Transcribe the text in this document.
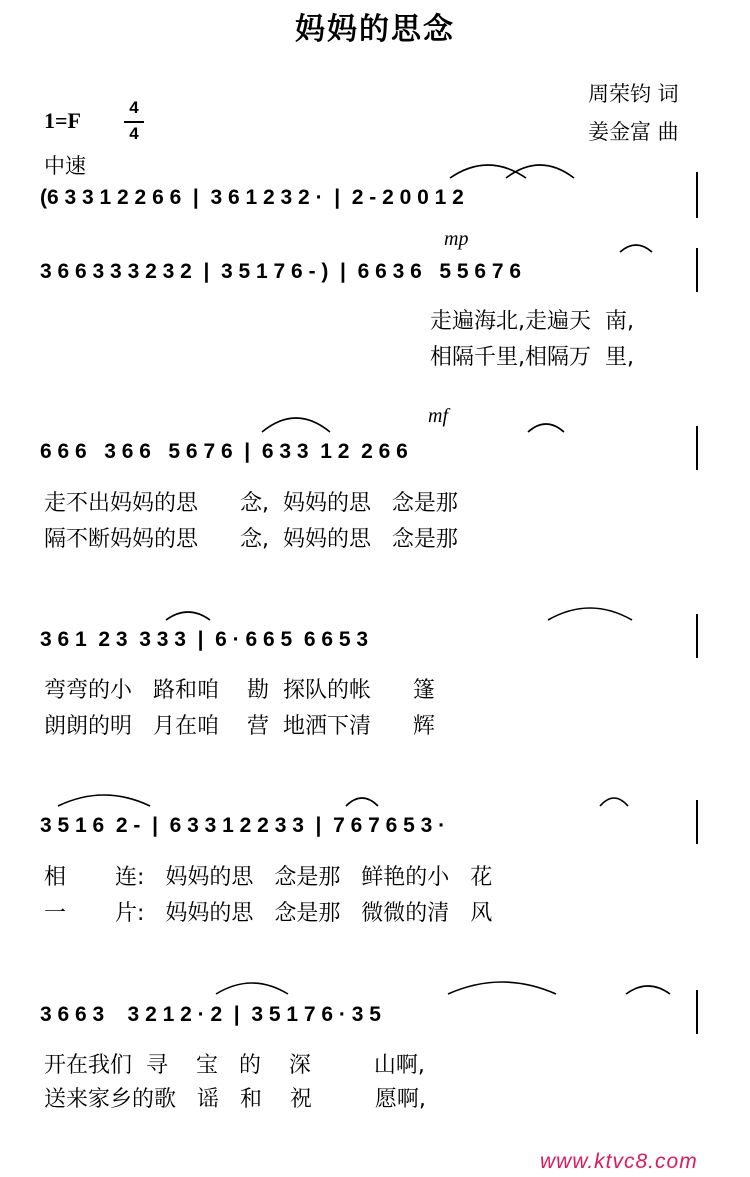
妈妈的思念
周荣钧 词
姜金富 曲
1=F
4
4
中速
mp
mf
(6 3 3 1 2 2 6 6  |  3 6 1 2 3 2 ·  |  2 - 2 0 0 1 2
3 6 6 3 3 3 2 3 2  |  3 5 1 7 6 - )  |  6 6 3 6   5 5 6 7 6
6 6 6   3 6 6   5 6 7 6  |  6 3 3  1 2  2 6 6
3 6 1  2 3  3 3 3  |  6 · 6 6 5  6 6 5 3
3 5 1 6  2 -  |  6 3 3 1 2 2 3 3  |  7 6 7 6 5 3 ·
3 6 6 3    3 2 1 2 · 2  |  3 5 1 7 6 · 3 5
走遍海北,走遍天  南,
相隔千里,相隔万  里,
走不出妈妈的思      念,  妈妈的思   念是那
隔不断妈妈的思      念,  妈妈的思   念是那
弯弯的小   路和咱    勘  探队的帐      篷
朗朗的明   月在咱    营  地洒下清      辉
相       连:   妈妈的思   念是那   鲜艳的小   花
一       片:   妈妈的思   念是那   微微的清   风
开在我们  寻    宝   的    深         山啊,
送来家乡的歌   谣   和    祝         愿啊,
www.ktvc8.com
